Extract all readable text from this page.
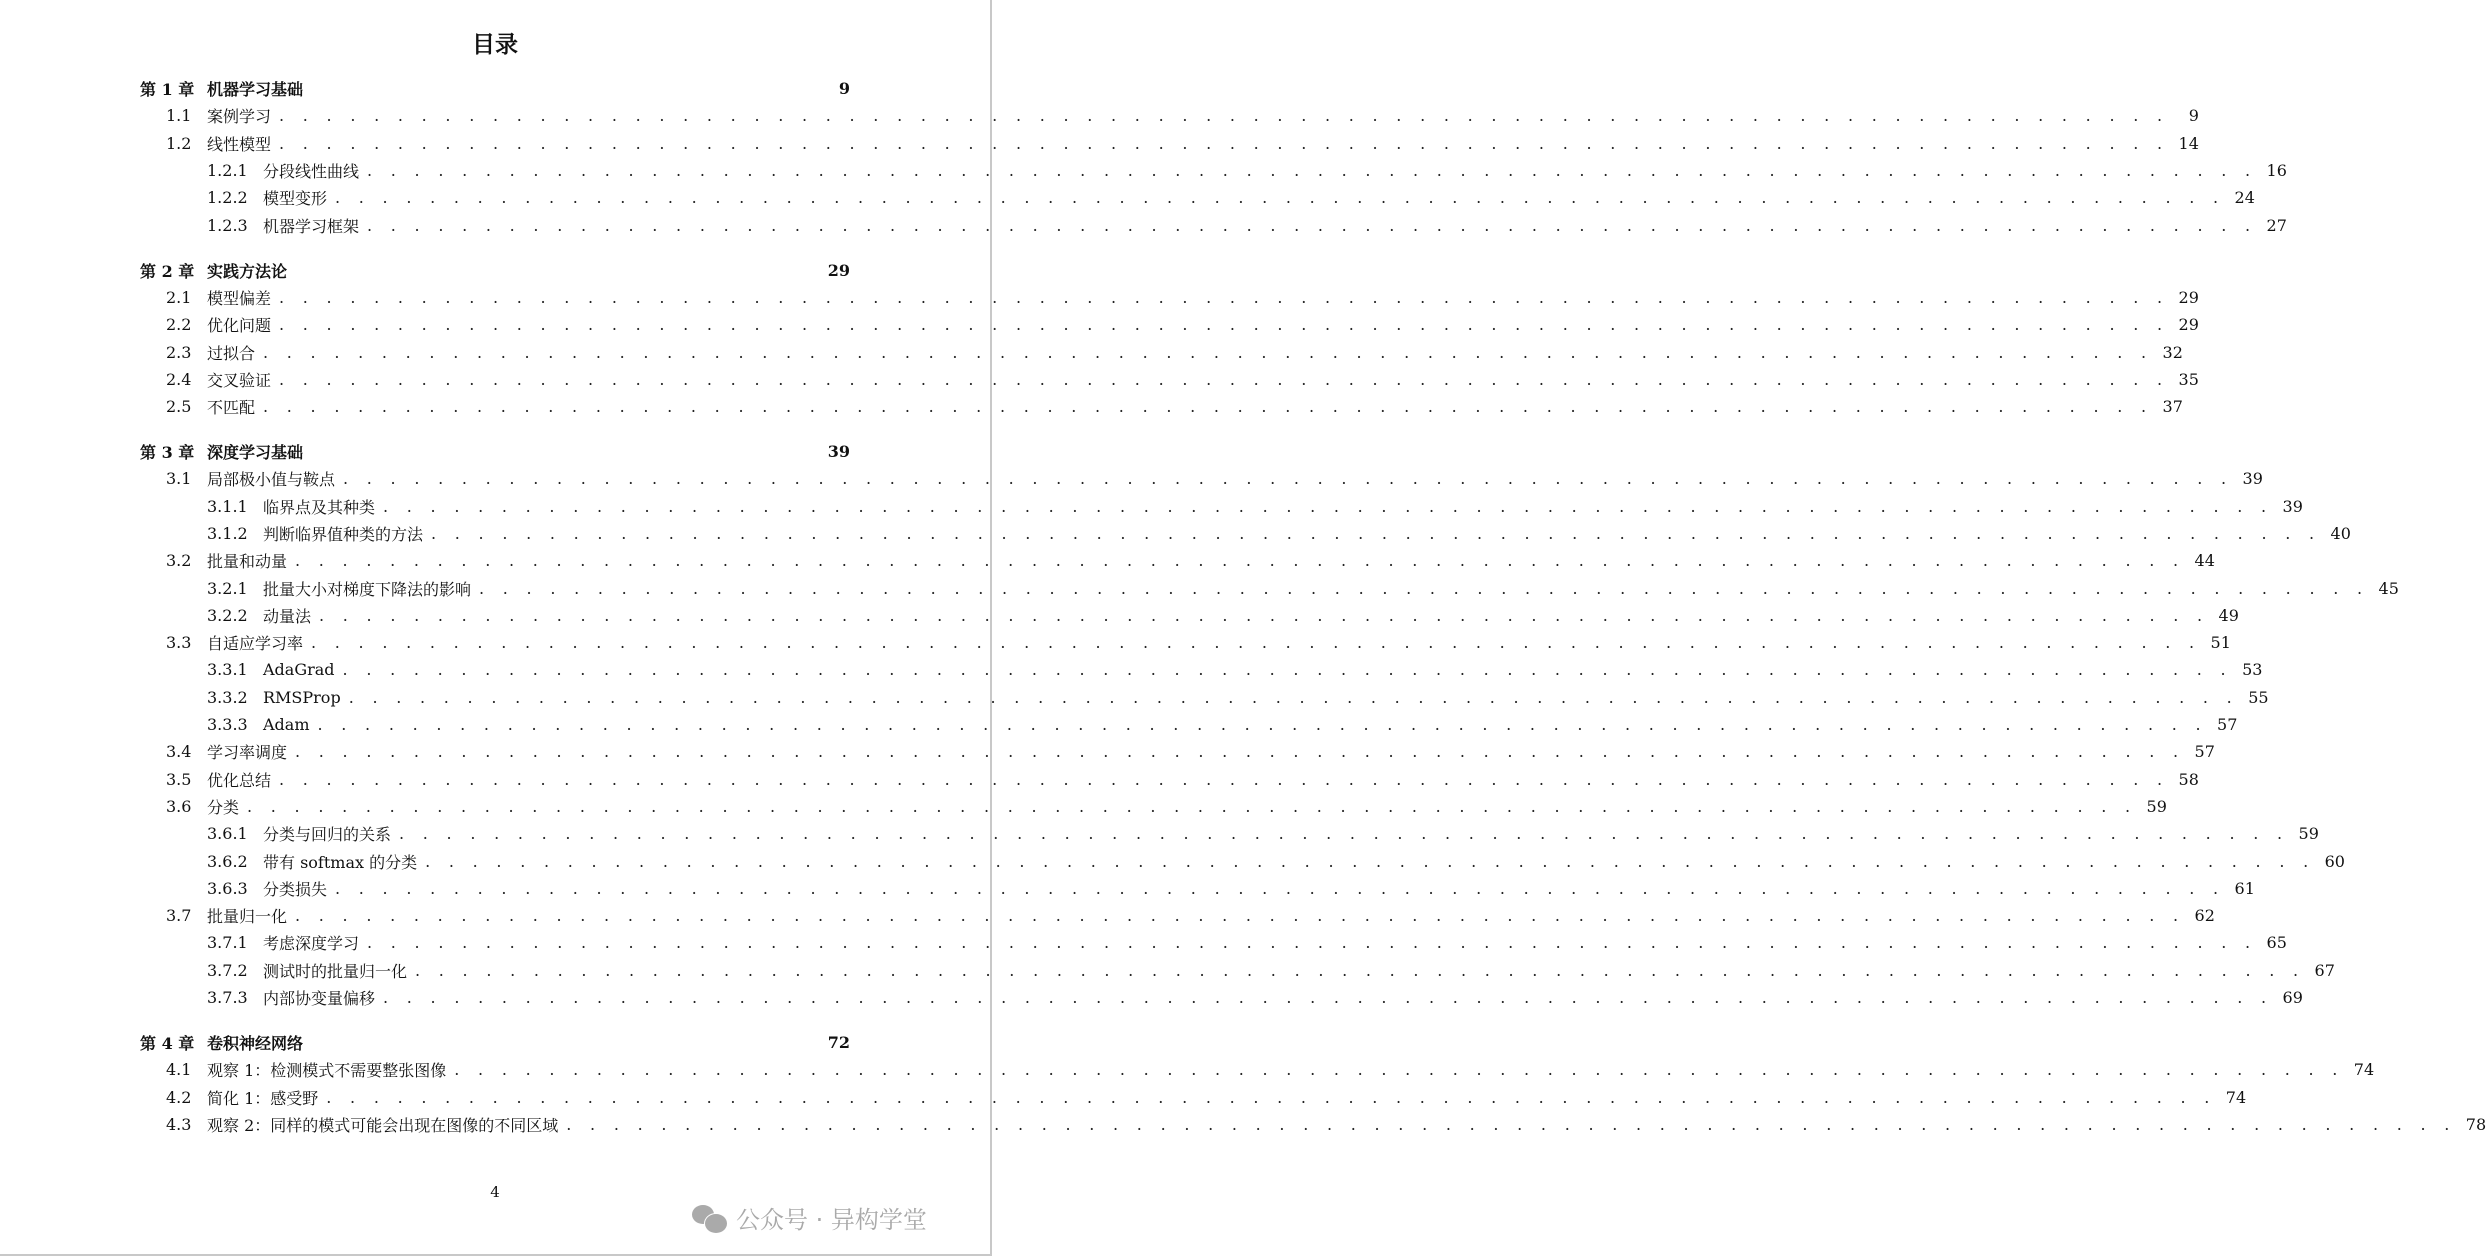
目录
第 1 章 机器学习基础	9
1.1 案例学习 . . . . . . . . . . . . . . . . . . . . . . . . . . . . . . . . . . . . . . . . . . . . . . . . . . . . . . . . . . . . . . . . . . . . . . . . . . . . . . . .	9
1.2 线性模型 . . . . . . . . . . . . . . . . . . . . . . . . . . . . . . . . . . . . . . . . . . . . . . . . . . . . . . . . . . . . . . . . . . . . . . . . . . . . . . . . 14
1.2.1 分段线性曲线 . . . . . . . . . . . . . . . . . . . . . . . . . . . . . . . . . . . . . . . . . . . . . . . . . . . . . . . . . . . . . . . . . . . . . . . . . . . . . . . . 16
1.2.2 模型变形 . . . . . . . . . . . . . . . . . . . . . . . . . . . . . . . . . . . . . . . . . . . . . . . . . . . . . . . . . . . . . . . . . . . . . . . . . . . . . . . . 24
1.2.3 机器学习框架 . . . . . . . . . . . . . . . . . . . . . . . . . . . . . . . . . . . . . . . . . . . . . . . . . . . . . . . . . . . . . . . . . . . . . . . . . . . . . . . . 27
第 2 章 实践方法论	29
2.1 模型偏差 . . . . . . . . . . . . . . . . . . . . . . . . . . . . . . . . . . . . . . . . . . . . . . . . . . . . . . . . . . . . . . . . . . . . . . . . . . . . . . . . 29
2.2 优化问题 . . . . . . . . . . . . . . . . . . . . . . . . . . . . . . . . . . . . . . . . . . . . . . . . . . . . . . . . . . . . . . . . . . . . . . . . . . . . . . . . 29
2.3 过拟合 . . . . . . . . . . . . . . . . . . . . . . . . . . . . . . . . . . . . . . . . . . . . . . . . . . . . . . . . . . . . . . . . . . . . . . . . . . . . . . . . 32
2.4 交叉验证 . . . . . . . . . . . . . . . . . . . . . . . . . . . . . . . . . . . . . . . . . . . . . . . . . . . . . . . . . . . . . . . . . . . . . . . . . . . . . . . . 35
2.5 不匹配 . . . . . . . . . . . . . . . . . . . . . . . . . . . . . . . . . . . . . . . . . . . . . . . . . . . . . . . . . . . . . . . . . . . . . . . . . . . . . . . . 37
第 3 章 深度学习基础	39
3.1 局部极小值与鞍点 . . . . . . . . . . . . . . . . . . . . . . . . . . . . . . . . . . . . . . . . . . . . . . . . . . . . . . . . . . . . . . . . . . . . . . . . . . . . . . . . 39
3.1.1 临界点及其种类 . . . . . . . . . . . . . . . . . . . . . . . . . . . . . . . . . . . . . . . . . . . . . . . . . . . . . . . . . . . . . . . . . . . . . . . . . . . . . . . . 39
3.1.2 判断临界值种类的方法 . . . . . . . . . . . . . . . . . . . . . . . . . . . . . . . . . . . . . . . . . . . . . . . . . . . . . . . . . . . . . . . . . . . . . . . . . . . . . . . . 40
3.2 批量和动量 . . . . . . . . . . . . . . . . . . . . . . . . . . . . . . . . . . . . . . . . . . . . . . . . . . . . . . . . . . . . . . . . . . . . . . . . . . . . . . . . 44
3.2.1 批量大小对梯度下降法的影响 . . . . . . . . . . . . . . . . . . . . . . . . . . . . . . . . . . . . . . . . . . . . . . . . . . . . . . . . . . . . . . . . . . . . . . . . . . . . . . . . 45
3.2.2 动量法 . . . . . . . . . . . . . . . . . . . . . . . . . . . . . . . . . . . . . . . . . . . . . . . . . . . . . . . . . . . . . . . . . . . . . . . . . . . . . . . . 49
3.3 自适应学习率 . . . . . . . . . . . . . . . . . . . . . . . . . . . . . . . . . . . . . . . . . . . . . . . . . . . . . . . . . . . . . . . . . . . . . . . . . . . . . . . . 51
3.3.1 AdaGrad . . . . . . . . . . . . . . . . . . . . . . . . . . . . . . . . . . . . . . . . . . . . . . . . . . . . . . . . . . . . . . . . . . . . . . . . . . . . . . . . 53
3.3.2 RMSProp . . . . . . . . . . . . . . . . . . . . . . . . . . . . . . . . . . . . . . . . . . . . . . . . . . . . . . . . . . . . . . . . . . . . . . . . . . . . . . . . 55
3.3.3 Adam . . . . . . . . . . . . . . . . . . . . . . . . . . . . . . . . . . . . . . . . . . . . . . . . . . . . . . . . . . . . . . . . . . . . . . . . . . . . . . . . 57
3.4 学习率调度 . . . . . . . . . . . . . . . . . . . . . . . . . . . . . . . . . . . . . . . . . . . . . . . . . . . . . . . . . . . . . . . . . . . . . . . . . . . . . . . . 57
3.5 优化总结 . . . . . . . . . . . . . . . . . . . . . . . . . . . . . . . . . . . . . . . . . . . . . . . . . . . . . . . . . . . . . . . . . . . . . . . . . . . . . . . . 58
3.6 分类 . . . . . . . . . . . . . . . . . . . . . . . . . . . . . . . . . . . . . . . . . . . . . . . . . . . . . . . . . . . . . . . . . . . . . . . . . . . . . . . . 59
3.6.1 分类与回归的关系 . . . . . . . . . . . . . . . . . . . . . . . . . . . . . . . . . . . . . . . . . . . . . . . . . . . . . . . . . . . . . . . . . . . . . . . . . . . . . . . . 59
3.6.2 带有 softmax 的分类 . . . . . . . . . . . . . . . . . . . . . . . . . . . . . . . . . . . . . . . . . . . . . . . . . . . . . . . . . . . . . . . . . . . . . . . . . . . . . . . . 60
3.6.3 分类损失 . . . . . . . . . . . . . . . . . . . . . . . . . . . . . . . . . . . . . . . . . . . . . . . . . . . . . . . . . . . . . . . . . . . . . . . . . . . . . . . . 61
3.7 批量归一化 . . . . . . . . . . . . . . . . . . . . . . . . . . . . . . . . . . . . . . . . . . . . . . . . . . . . . . . . . . . . . . . . . . . . . . . . . . . . . . . . 62
3.7.1 考虑深度学习 . . . . . . . . . . . . . . . . . . . . . . . . . . . . . . . . . . . . . . . . . . . . . . . . . . . . . . . . . . . . . . . . . . . . . . . . . . . . . . . . 65
3.7.2 测试时的批量归一化 . . . . . . . . . . . . . . . . . . . . . . . . . . . . . . . . . . . . . . . . . . . . . . . . . . . . . . . . . . . . . . . . . . . . . . . . . . . . . . . . 67
3.7.3 内部协变量偏移 . . . . . . . . . . . . . . . . . . . . . . . . . . . . . . . . . . . . . . . . . . . . . . . . . . . . . . . . . . . . . . . . . . . . . . . . . . . . . . . . 69
第 4 章 卷积神经网络	72
4.1 观察 1：检测模式不需要整张图像 . . . . . . . . . . . . . . . . . . . . . . . . . . . . . . . . . . . . . . . . . . . . . . . . . . . . . . . . . . . . . . . . . . . . . . . . . . . . . . . . 74
4.2 简化 1：感受野 . . . . . . . . . . . . . . . . . . . . . . . . . . . . . . . . . . . . . . . . . . . . . . . . . . . . . . . . . . . . . . . . . . . . . . . . . . . . . . . . 74
4.3 观察 2：同样的模式可能会出现在图像的不同区域 . . . . . . . . . . . . . . . . . . . . . . . . . . . . . . . . . . . . . . . . . . . . . . . . . . . . . . . . . . . . . . . . . . . . . . . . . . . . . . . . 78
4
公众号 · 异构学堂
